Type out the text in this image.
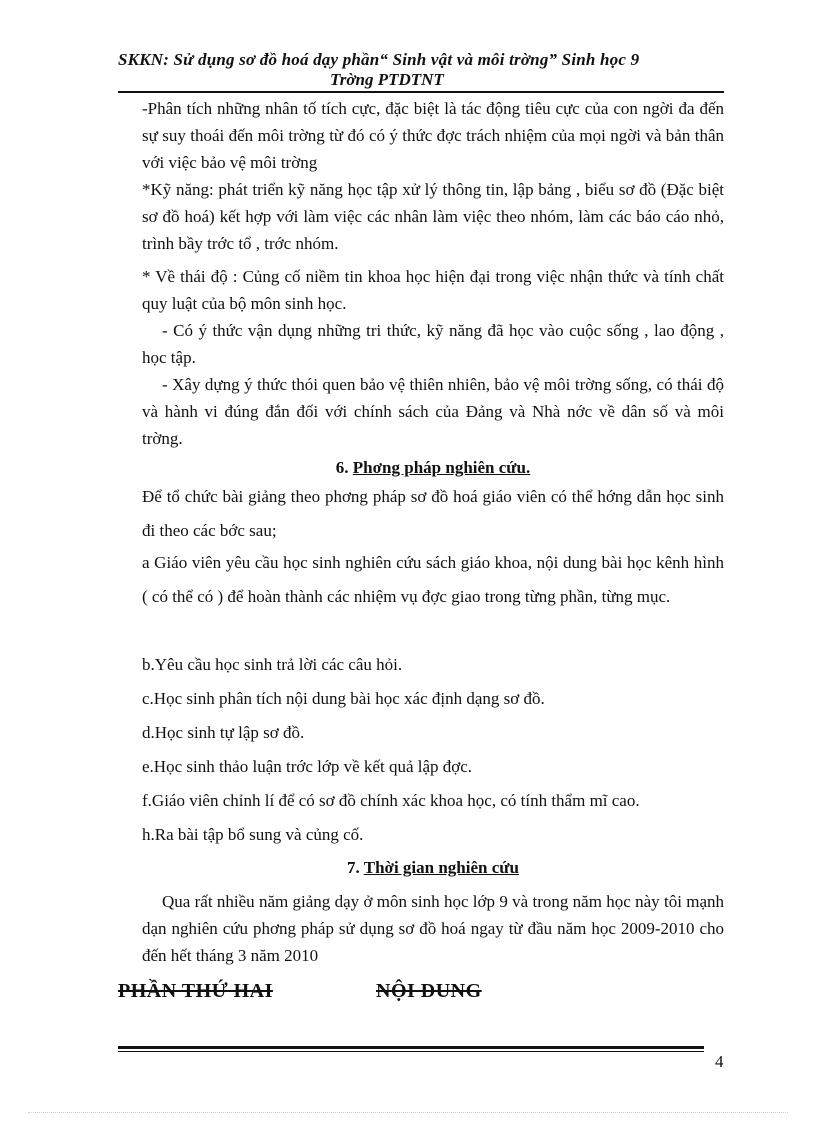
SKKN: Sử dụng sơ đồ hoá dạy phần“ Sinh vật và môi trờng” Sinh học 9
Trờng PTDTNT

-Phân tích những nhân tố tích cực, đặc biệt là tác động tiêu cực của con ngời đa đến sự suy thoái đến môi trờng từ đó có ý thức đợc trách nhiệm của mọi ngời và bản thân với việc bảo vệ môi trờng

*Kỹ năng: phát triển kỹ năng học tập xử lý thông tin, lập bảng , biểu sơ đồ (Đặc biệt sơ đồ hoá) kết hợp với làm việc các nhân làm việc theo nhóm, làm các báo cáo nhỏ, trình bầy trớc tổ , trớc nhóm.

* Về thái độ : Củng cố niềm tin khoa học hiện đại trong việc nhận thức và tính chất quy luật của bộ môn sinh học.

- Có ý thức vận dụng những tri thức, kỹ năng đã học vào cuộc sống , lao động , học tập.

- Xây dựng ý thức thói quen bảo vệ thiên nhiên, bảo vệ môi trờng sống, có thái độ và hành vi đúng đắn đối với chính sách của Đảng và Nhà nớc về dân số và môi trờng.

6. Phơng pháp nghiên cứu.

Để tổ chức bài giảng theo phơng pháp sơ đồ hoá giáo viên có thể hớng dẫn học sinh đi theo các bớc sau;

a Giáo viên yêu cầu học sinh nghiên cứu sách giáo khoa, nội dung bài học kênh hình ( có thể có ) để hoàn thành các nhiệm vụ đợc giao trong từng phần, từng mục.

b.Yêu cầu học sinh trả lời các câu hỏi.
c.Học sinh phân tích nội dung bài học xác định dạng sơ đồ.
d.Học sinh tự lập sơ đồ.
e.Học sinh thảo luận trớc lớp về kết quả lập đợc.
f.Giáo viên chỉnh lí để có sơ đồ chính xác khoa học, có tính thẩm mĩ cao.
h.Ra bài tập bổ sung và củng cố.
7. Thời gian nghiên cứu

Qua rất nhiều năm giảng dạy ở môn sinh học lớp 9 và trong năm học này tôi mạnh dạn nghiên cứu phơng pháp sử dụng sơ đồ hoá ngay từ đầu năm học 2009-2010 cho đến hết tháng 3 năm 2010

PHẦN THỨ HAI	NỘI DUNG
4
